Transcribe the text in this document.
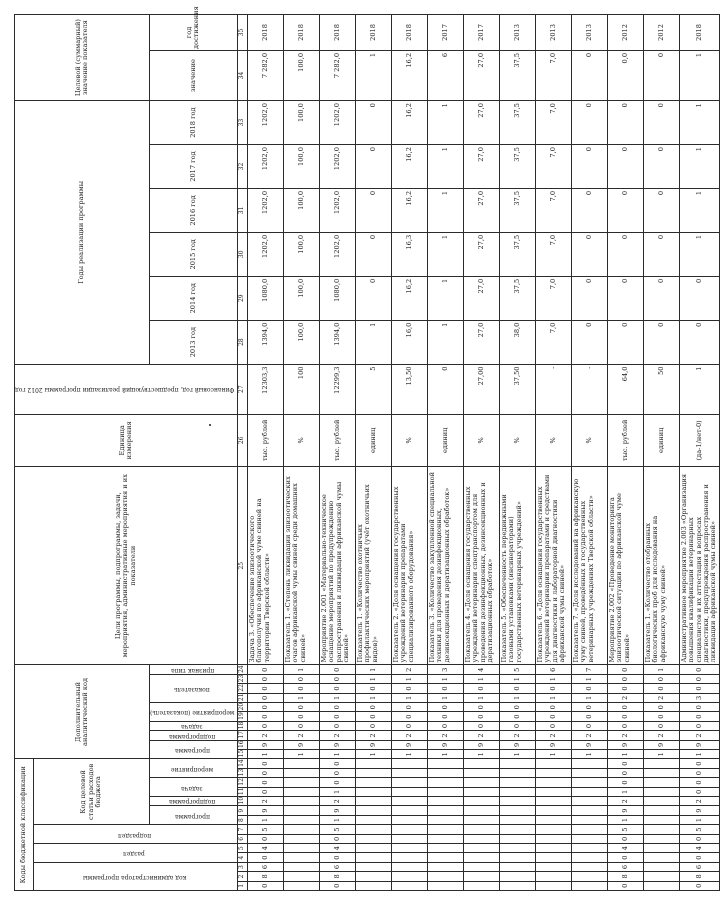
Коды бюджетной классификации														Дополнительный аналитический код										Цели программы, подпрограммы, задачи, мероприятия, административные мероприятия и их показатели	Единица измерения	Финансовый год, предшествующий реализации программы 2012 год	Годы реализации программы						Целевой (суммарный) значение показателя	
код администратора программы			раздел		подраздел		Код целевой статьи расходов бюджета																											
							программа		подпрограмма	задача		мероприятие		программа		подпрограмма	задача	мероприятие (показатель)		показатель			признак типа				2013 год	2014 год	2015 год	2016 год	2017 год	2018 год	значение	год достижения
1	2	3	4	5	6	7	8	9	10	11	12	13	14	15	16	17	18	19	20	21	22	23	24	25	26	27	28	29	30	31	32	33	34	35
0	8	6	0	4	0	5	1	9	2	0	0	0	0	1	9	2	0	0	0	0	0	0	0	Задача 3. «Обеспечение эпизоотического благополучия по африканской чуме свиней на территории Тверской области»	тыс. рублей	12303,3	1394,0	1080,0	1202,0	1202,0	1202,0	1202,0	7 282,0	2018
														1	9	2	0	0	0	1	0	0	1	Показатель 1. «Степень ликвидации эпизоотических очагов африканской чумы свиней среди домашних свиней»	%	100	100,0	100,0	100,0	100,0	100,0	100,0	100,0	2018
0	8	6	0	4	0	5	1	9	2	1	0	0	0	1	9	2	0	0	0	1	0	0	0	Мероприятие 2.001 «Материально-техническое оснащение мероприятий по предупреждению распространения и ликвидации африканской чумы свиней»	тыс. рублей	12299,3	1394,0	1080,0	1202,0	1202,0	1202,0	1202,0	7 282,0	2018
														1	9	2	0	0	0	1	0	1	1	Показатель 1. «Количество охотничьих профилактических мероприятий (учёт охотничьих видов)»	единиц	5	1	0	0	0	0	0	1	2018
														1	9	2	0	0	0	1	0	1	2	Показатель 2. «Доля оснащения государственных учреждений ветеринарии препаратами специализированного оборудования»	%	13,50	16,0	16,2	16,3	16,2	16,2	16,2	16,2	2018
														1	9	2	0	0	0	1	0	1	3	Показатель 3. «Количество закупленной специальной техники для проведения дезинфекционных, дезинсекционных и дератизационных обработок»	единиц	0	1	1	1	1	1	1	6	2017
														1	9	2	0	0	0	1	0	1	4	Показатель 4. «Доля оснащения государственных учреждений ветеринарии спецтранспортом для проведения дезинфекционных, дезинсекционных и дератизационных обработок»	%	27,00	27,0	27,0	27,0	27,0	27,0	27,0	27,0	2017
														1	9	2	0	0	0	1	0	1	5	Показатель 5. «Обеспеченность передвижными газовыми установками (инсинераторами) государственных ветеринарных учреждений»	%	37,50	38,0	37,5	37,5	37,5	37,5	37,5	37,5	2013
														1	9	2	0	0	0	1	0	1	6	Показатель 6. «Доля оснащения государственных учреждений ветеринарии препаратами и средствами для диагностики и лабораторной диагностики африканской чумы свиней»	%	-	7,0	7,0	7,0	7,0	7,0	7,0	7,0	2013
														1	9	2	0	0	0	1	0	1	7	Показатель 7. «Доля исследований на африканскую чуму свиней, проведённых в государственных ветеринарных учреждениях Тверской области»	%	-	0	0	0	0	0	0	0	2013
0	8	6	0	4	0	5	1	9	2	1	0	0	0	1	9	2	0	0	0	2	0	0	0	Мероприятие 2.002 «Проведение мониторинга эпизоотической ситуации по африканской чуме свиней»	тыс. рублей	64,0	0	0	0	0	0	0	0,0	2012
														1	9	2	0	0	0	2	0	0	1	Показатель 1. «Количество отобранных биологических проб для исследования на африканскую чуму свиней»	единиц	50	0	0	0	0	0	0	0	2012
0	8	6	0	4	0	5	1	9	2	0	0	0	0	1	9	2	0	0	0	3	0	0	0	Административное мероприятие 2.003 «Организация повышения квалификации ветеринарных специалистов и их аттестация в вопросах диагностики, предупреждения распространения и ликвидации африканской чумы свиней»	(да-1/нет-0)	1	0	0	1	1	1	1	1	2018
